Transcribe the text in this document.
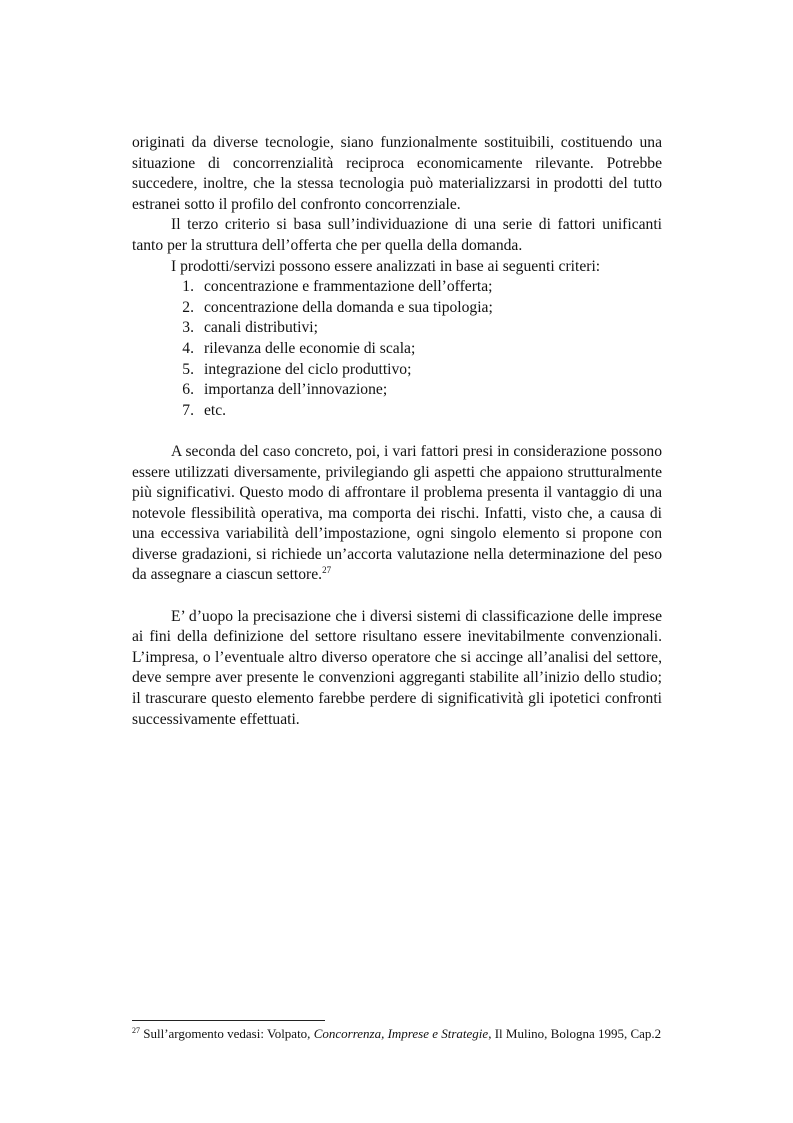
originati da diverse tecnologie, siano funzionalmente sostituibili, costituendo una situazione di concorrenzialità reciproca economicamente rilevante. Potrebbe succedere, inoltre, che la stessa tecnologia può materializzarsi in prodotti del tutto estranei sotto il profilo del confronto concorrenziale.

Il terzo criterio si basa sull’individuazione di una serie di fattori unificanti tanto per la struttura dell’offerta che per quella della domanda.

I prodotti/servizi possono essere analizzati in base ai seguenti criteri:

1. concentrazione e frammentazione dell’offerta;
2. concentrazione della domanda e sua tipologia;
3. canali distributivi;
4. rilevanza delle economie di scala;
5. integrazione del ciclo produttivo;
6. importanza dell’innovazione;
7. etc.

A seconda del caso concreto, poi, i vari fattori presi in considerazione possono essere utilizzati diversamente, privilegiando gli aspetti che appaiono strutturalmente più significativi. Questo modo di affrontare il problema presenta il vantaggio di una notevole flessibilità operativa, ma comporta dei rischi. Infatti, visto che, a causa di una eccessiva variabilità dell’impostazione, ogni singolo elemento si propone con diverse gradazioni, si richiede un’accorta valutazione nella determinazione del peso da assegnare a ciascun settore.$^{27}$

E’ d’uopo la precisazione che i diversi sistemi di classificazione delle imprese ai fini della definizione del settore risultano essere inevitabilmente convenzionali. L’impresa, o l’eventuale altro diverso operatore che si accinge all’analisi del settore, deve sempre aver presente le convenzioni aggreganti stabilite all’inizio dello studio; il trascurare questo elemento farebbe perdere di significatività gli ipotetici confronti successivamente effettuati.

$^{27}$ Sull’argomento vedasi: Volpato, Concorrenza, Imprese e Strategie, Il Mulino, Bologna 1995, Cap.2
